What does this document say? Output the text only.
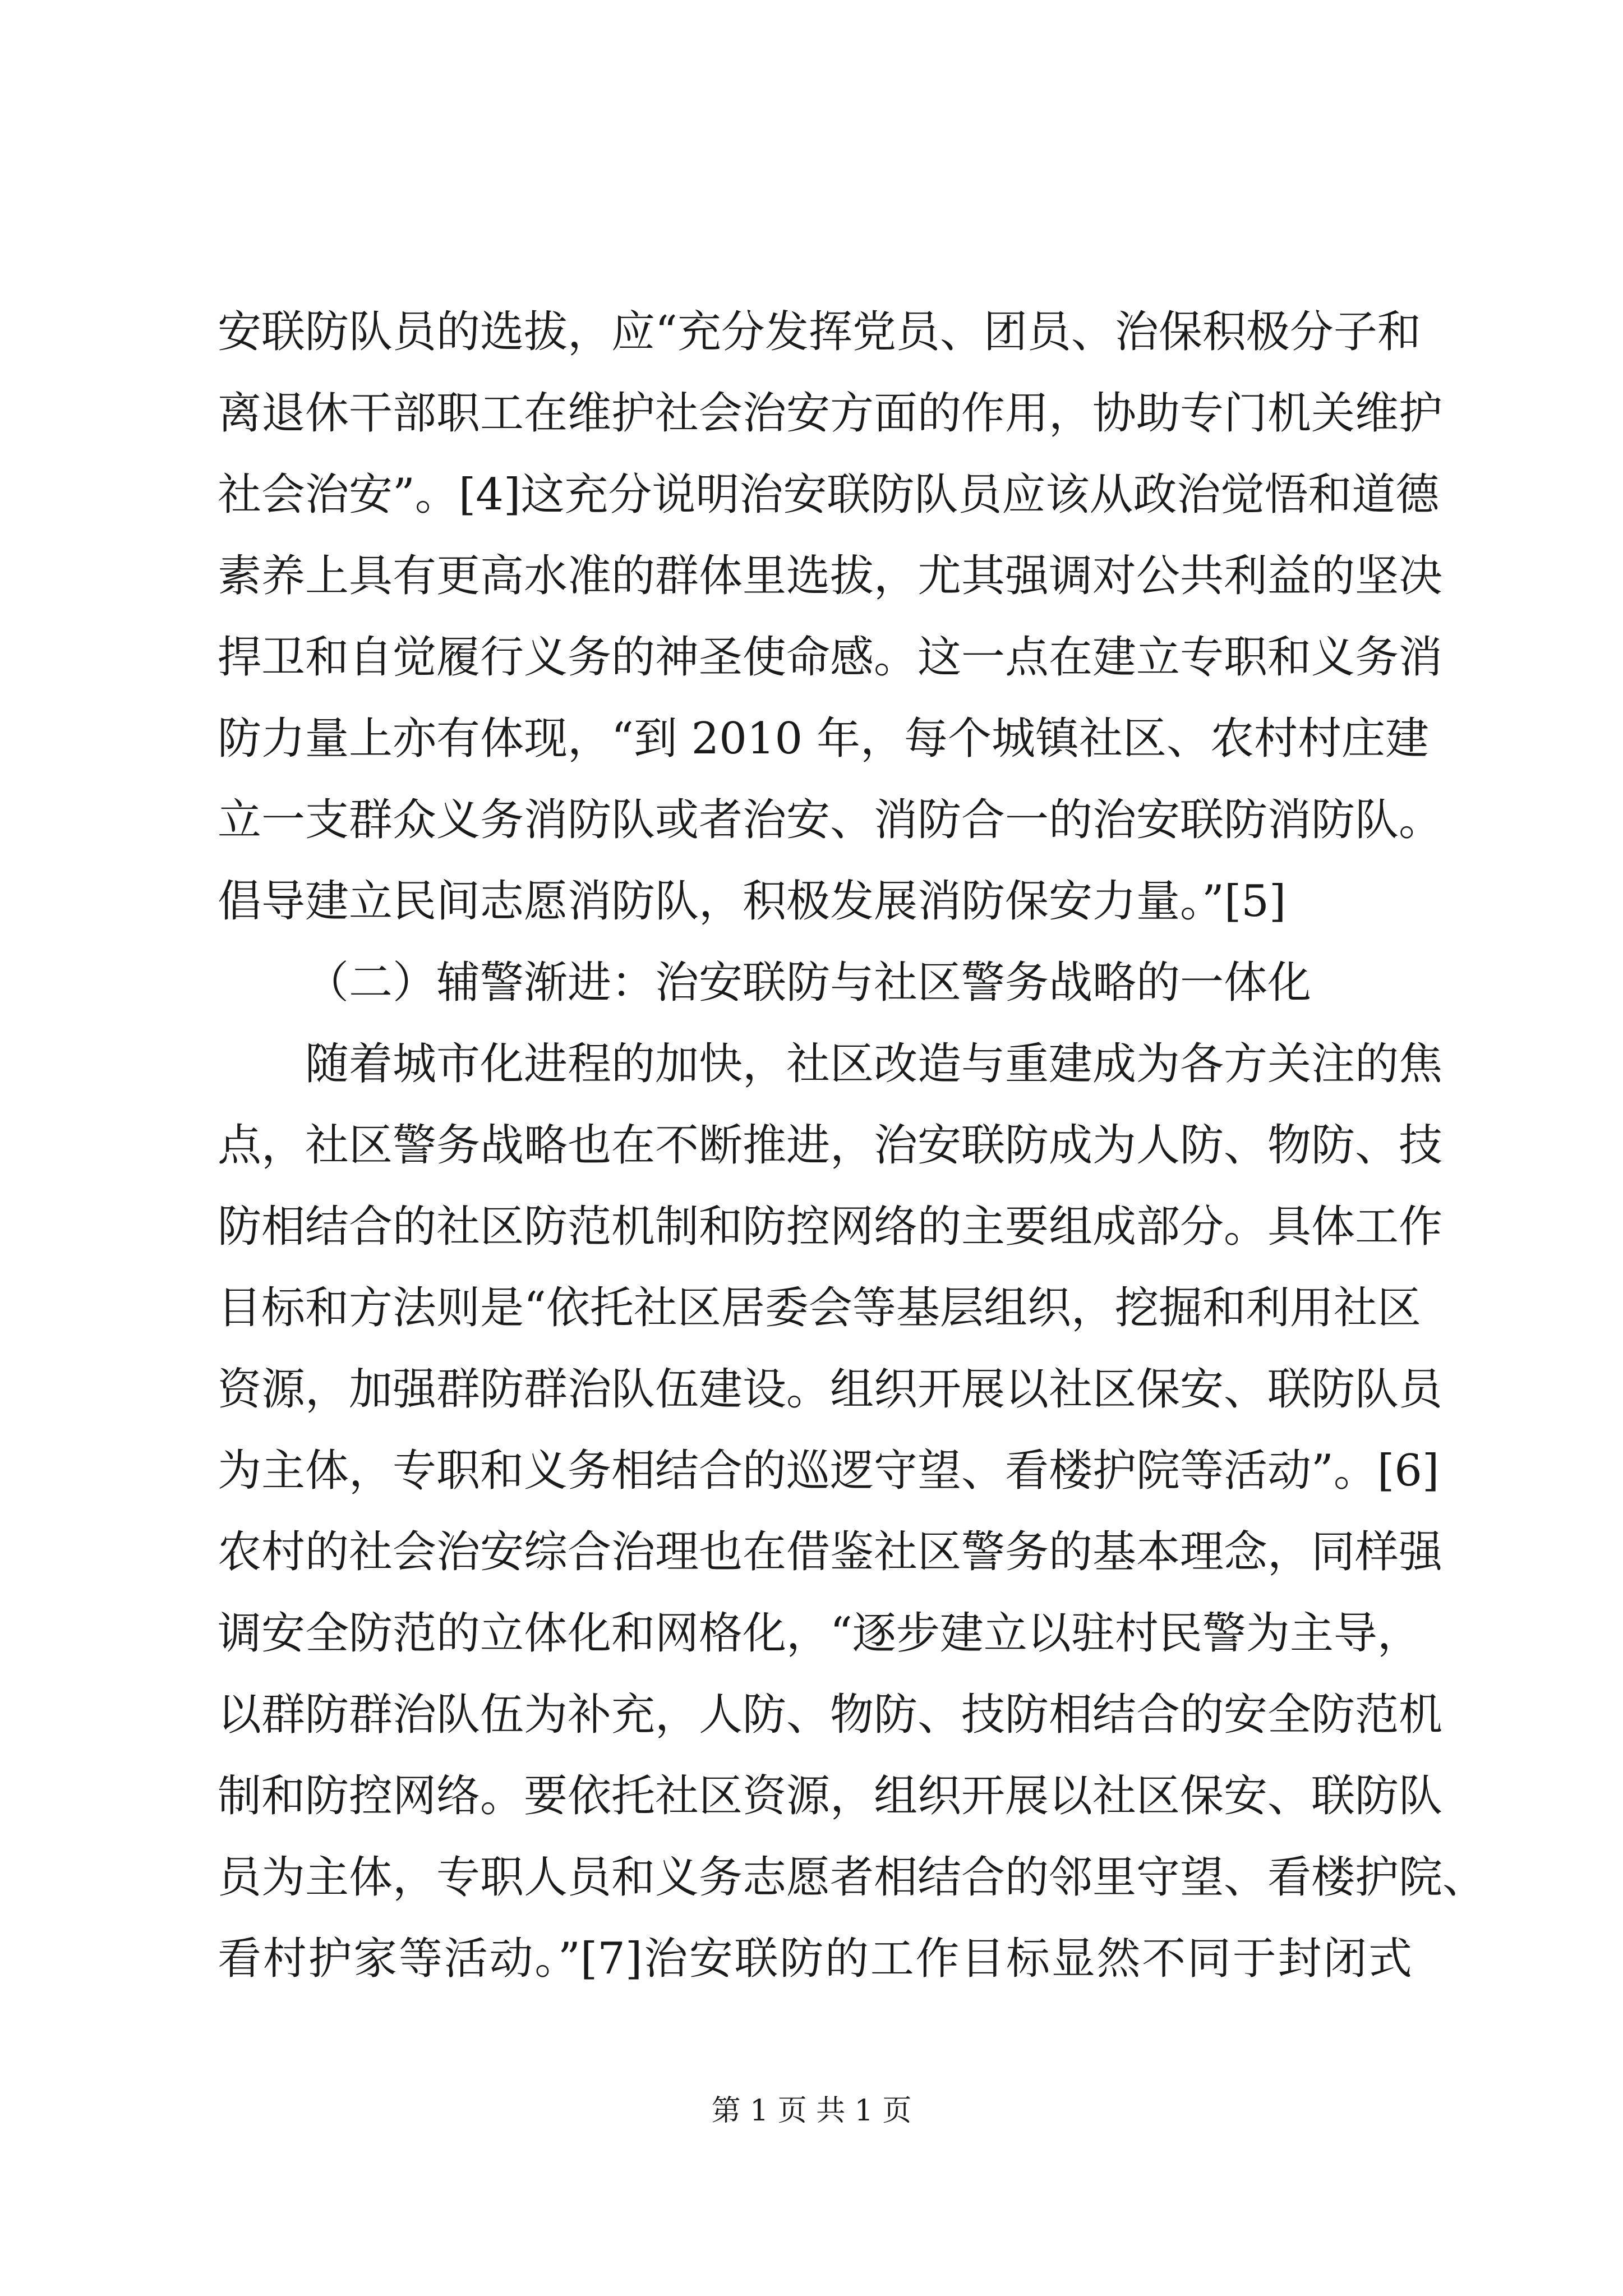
安联防队员的选拔，应“充分发挥党员、团员、治保积极分子和
离退休干部职工在维护社会治安方面的作用，协助专门机关维护
社会治安”。[4]这充分说明治安联防队员应该从政治觉悟和道德
素养上具有更高水准的群体里选拔，尤其强调对公共利益的坚决
捍卫和自觉履行义务的神圣使命感。这一点在建立专职和义务消
防力量上亦有体现，“到 2010 年，每个城镇社区、农村村庄建
立一支群众义务消防队或者治安、消防合一的治安联防消防队。
倡导建立民间志愿消防队，积极发展消防保安力量。”[5]
（二）辅警渐进：治安联防与社区警务战略的一体化
随着城市化进程的加快，社区改造与重建成为各方关注的焦
点，社区警务战略也在不断推进，治安联防成为人防、物防、技
防相结合的社区防范机制和防控网络的主要组成部分。具体工作
目标和方法则是“依托社区居委会等基层组织，挖掘和利用社区
资源，加强群防群治队伍建设。组织开展以社区保安、联防队员
为主体，专职和义务相结合的巡逻守望、看楼护院等活动”。[6]
农村的社会治安综合治理也在借鉴社区警务的基本理念，同样强
调安全防范的立体化和网格化，“逐步建立以驻村民警为主导，
以群防群治队伍为补充，人防、物防、技防相结合的安全防范机
制和防控网络。要依托社区资源，组织开展以社区保安、联防队
员为主体，专职人员和义务志愿者相结合的邻里守望、看楼护院、
看村护家等活动。”[7]治安联防的工作目标显然不同于封闭式
第 1 页 共 1 页
